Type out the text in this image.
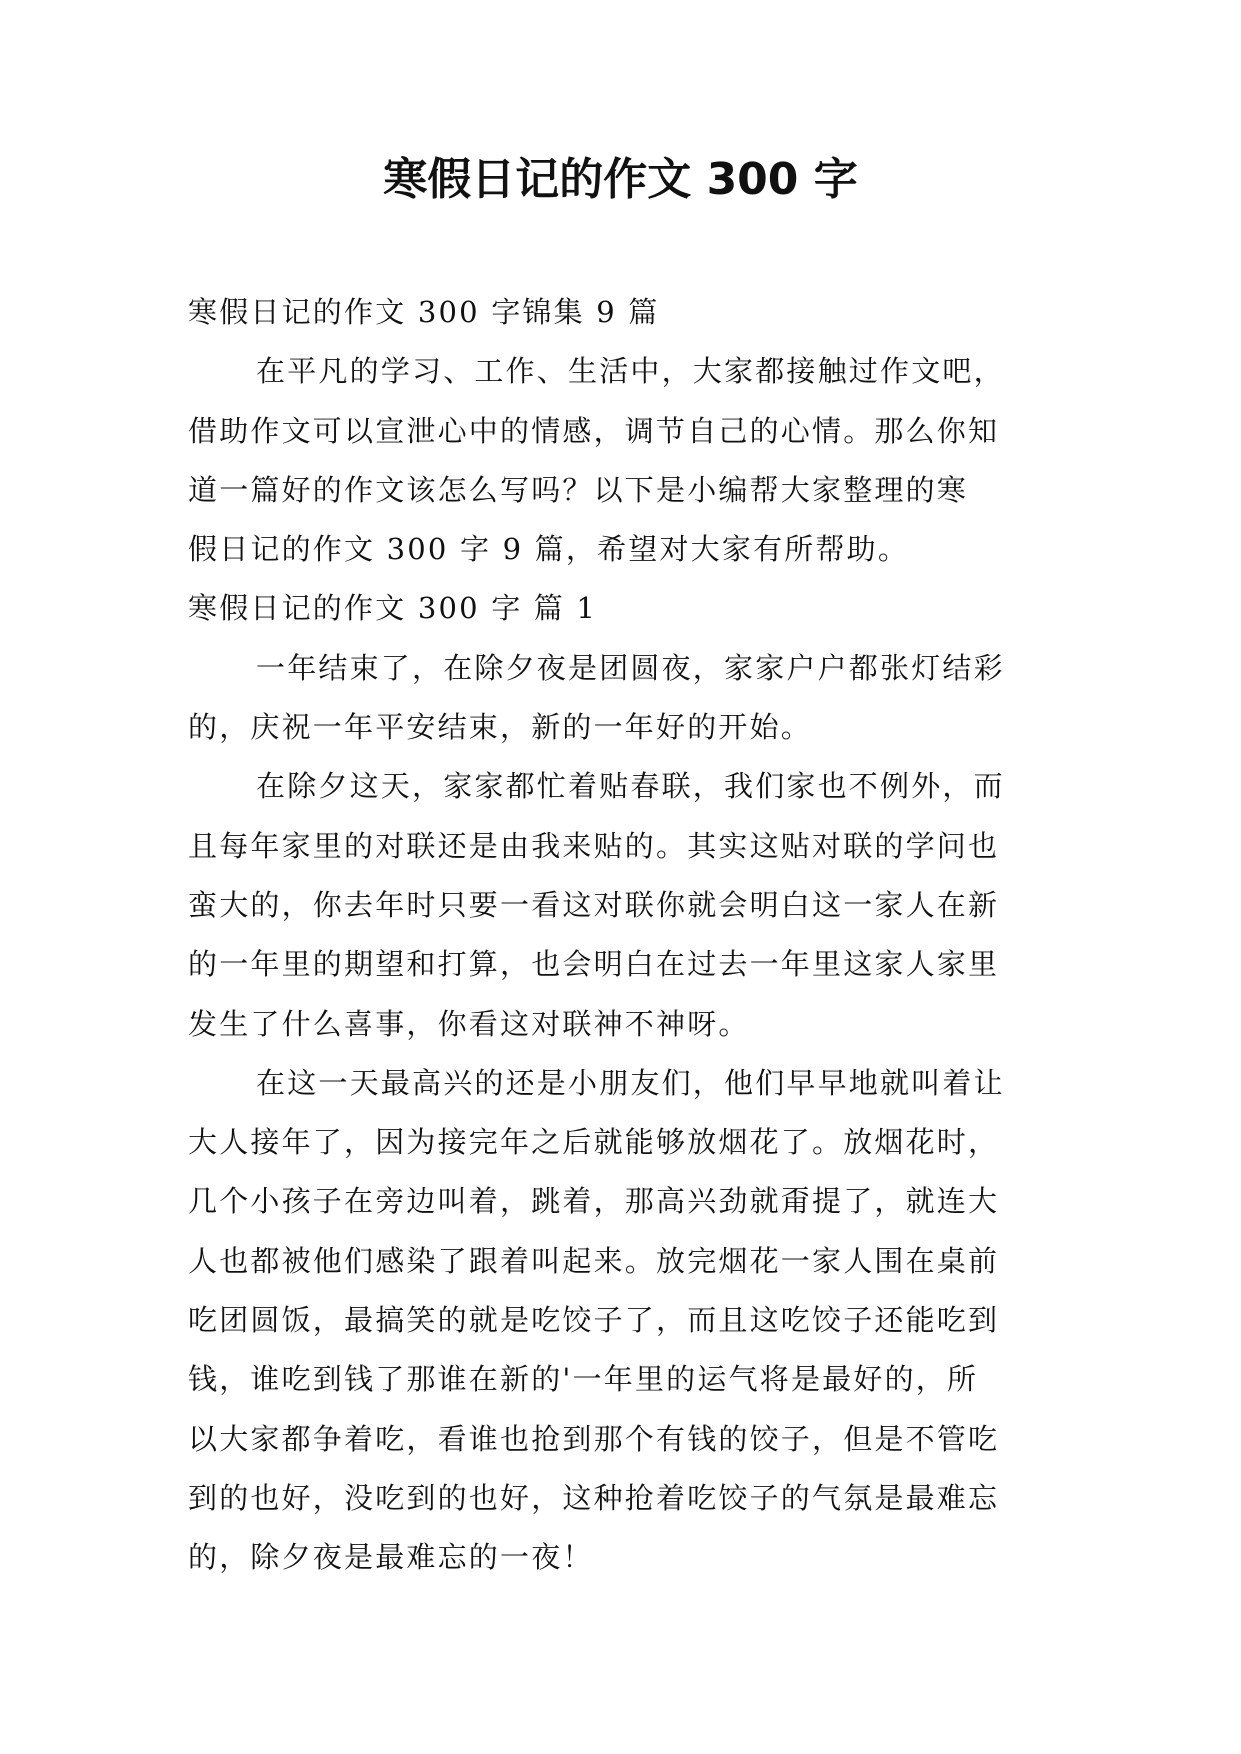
寒假日记的作文 300 字

寒假日记的作文 300 字锦集 9 篇

在平凡的学习、工作、生活中，大家都接触过作文吧，

借助作文可以宣泄心中的情感，调节自己的心情。那么你知

道一篇好的作文该怎么写吗？以下是小编帮大家整理的寒

假日记的作文 300 字 9 篇，希望对大家有所帮助。

寒假日记的作文 300 字 篇 1

一年结束了，在除夕夜是团圆夜，家家户户都张灯结彩

的，庆祝一年平安结束，新的一年好的开始。

在除夕这天，家家都忙着贴春联，我们家也不例外，而

且每年家里的对联还是由我来贴的。其实这贴对联的学问也

蛮大的，你去年时只要一看这对联你就会明白这一家人在新

的一年里的期望和打算，也会明白在过去一年里这家人家里

发生了什么喜事，你看这对联神不神呀。

在这一天最高兴的还是小朋友们，他们早早地就叫着让

大人接年了，因为接完年之后就能够放烟花了。放烟花时，

几个小孩子在旁边叫着，跳着，那高兴劲就甭提了，就连大

人也都被他们感染了跟着叫起来。放完烟花一家人围在桌前

吃团圆饭，最搞笑的就是吃饺子了，而且这吃饺子还能吃到

钱，谁吃到钱了那谁在新的'一年里的运气将是最好的，所

以大家都争着吃，看谁也抢到那个有钱的饺子，但是不管吃

到的也好，没吃到的也好，这种抢着吃饺子的气氛是最难忘

的，除夕夜是最难忘的一夜！
